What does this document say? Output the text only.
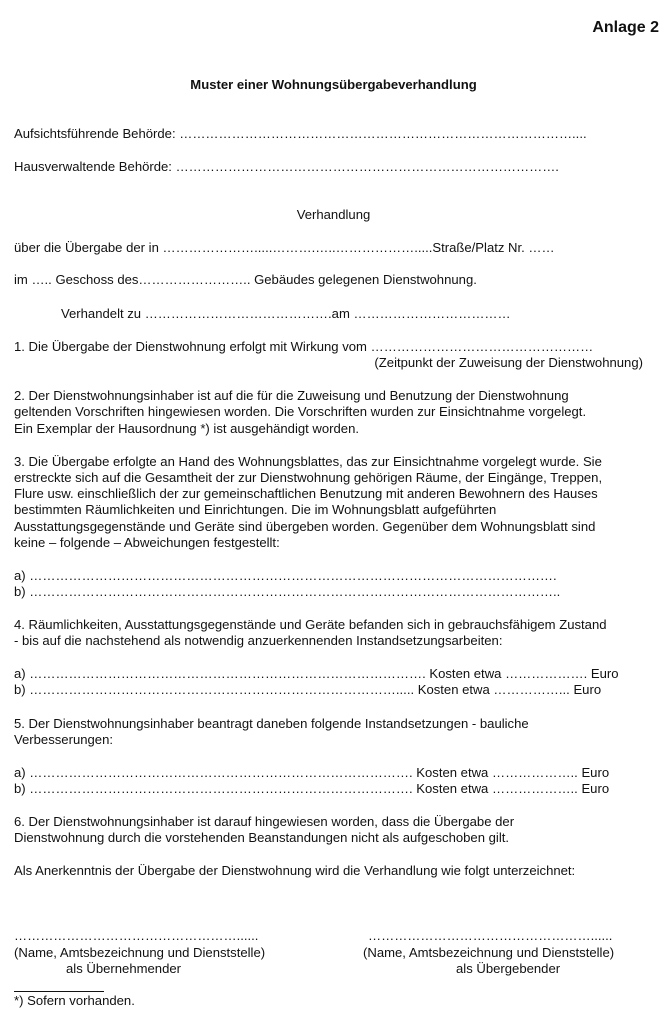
Anlage 2
Muster einer Wohnungsübergabeverhandlung
Aufsichtsführende Behörde: ………………………………………………………………………………....
Hausverwaltende Behörde: …………………………………………………………………………….
Verhandlung
über die Übergabe der in ………………….....……….…..……………….....Straße/Platz Nr. ……
im ….. Geschoss des…………………….. Gebäudes gelegenen Dienstwohnung.
Verhandelt zu …………………………………….am ………………………………
1. Die Übergabe der Dienstwohnung erfolgt mit Wirkung vom ……………………………………………
(Zeitpunkt der Zuweisung der Dienstwohnung)
2. Der Dienstwohnungsinhaber ist auf die für die Zuweisung und Benutzung der Dienstwohnung
geltenden Vorschriften hingewiesen worden. Die Vorschriften wurden zur Einsichtnahme vorgelegt.
Ein Exemplar der Hausordnung *) ist ausgehändigt worden.
3. Die Übergabe erfolgte an Hand des Wohnungsblattes, das zur Einsichtnahme vorgelegt wurde. Sie
erstreckte sich auf die Gesamtheit der zur Dienstwohnung gehörigen Räume, der Eingänge, Treppen,
Flure usw. einschließlich der zur gemeinschaftlichen Benutzung mit anderen Bewohnern des Hauses
bestimmten Räumlichkeiten und Einrichtungen. Die im Wohnungsblatt aufgeführten
Ausstattungsgegenstände und Geräte sind übergeben worden. Gegenüber dem Wohnungsblatt sind
keine – folgende – Abweichungen festgestellt:
a) ………………………………………………………………………………………………………….
b) …………………………………………………………………………………………………………..
4. Räumlichkeiten, Ausstattungsgegenstände und Geräte befanden sich in gebrauchsfähigem Zustand
- bis auf die nachstehend als notwendig anzuerkennenden Instandsetzungsarbeiten:
a) ………………………………………………………………………………. Kosten etwa ………………. Euro
b) …………………………………………………………………………..... Kosten etwa ……………... Euro
5. Der Dienstwohnungsinhaber beantragt daneben folgende Instandsetzungen - bauliche
Verbesserungen:
a) ……………………………………………………………………………. Kosten etwa ……………….. Euro
b) ……………………………………………………………………………. Kosten etwa ……………….. Euro
6. Der Dienstwohnungsinhaber ist darauf hingewiesen worden, dass die Übergabe der
Dienstwohnung durch die vorstehenden Beanstandungen nicht als aufgeschoben gilt.
Als Anerkenntnis der Übergabe der Dienstwohnung wird die Verhandlung wie folgt unterzeichnet:
……………………………………………......
(Name, Amtsbezeichnung und Dienststelle)
als Übernehmender
……………………………………………......
(Name, Amtsbezeichnung und Dienststelle)
als Übergebender
*) Sofern vorhanden.
